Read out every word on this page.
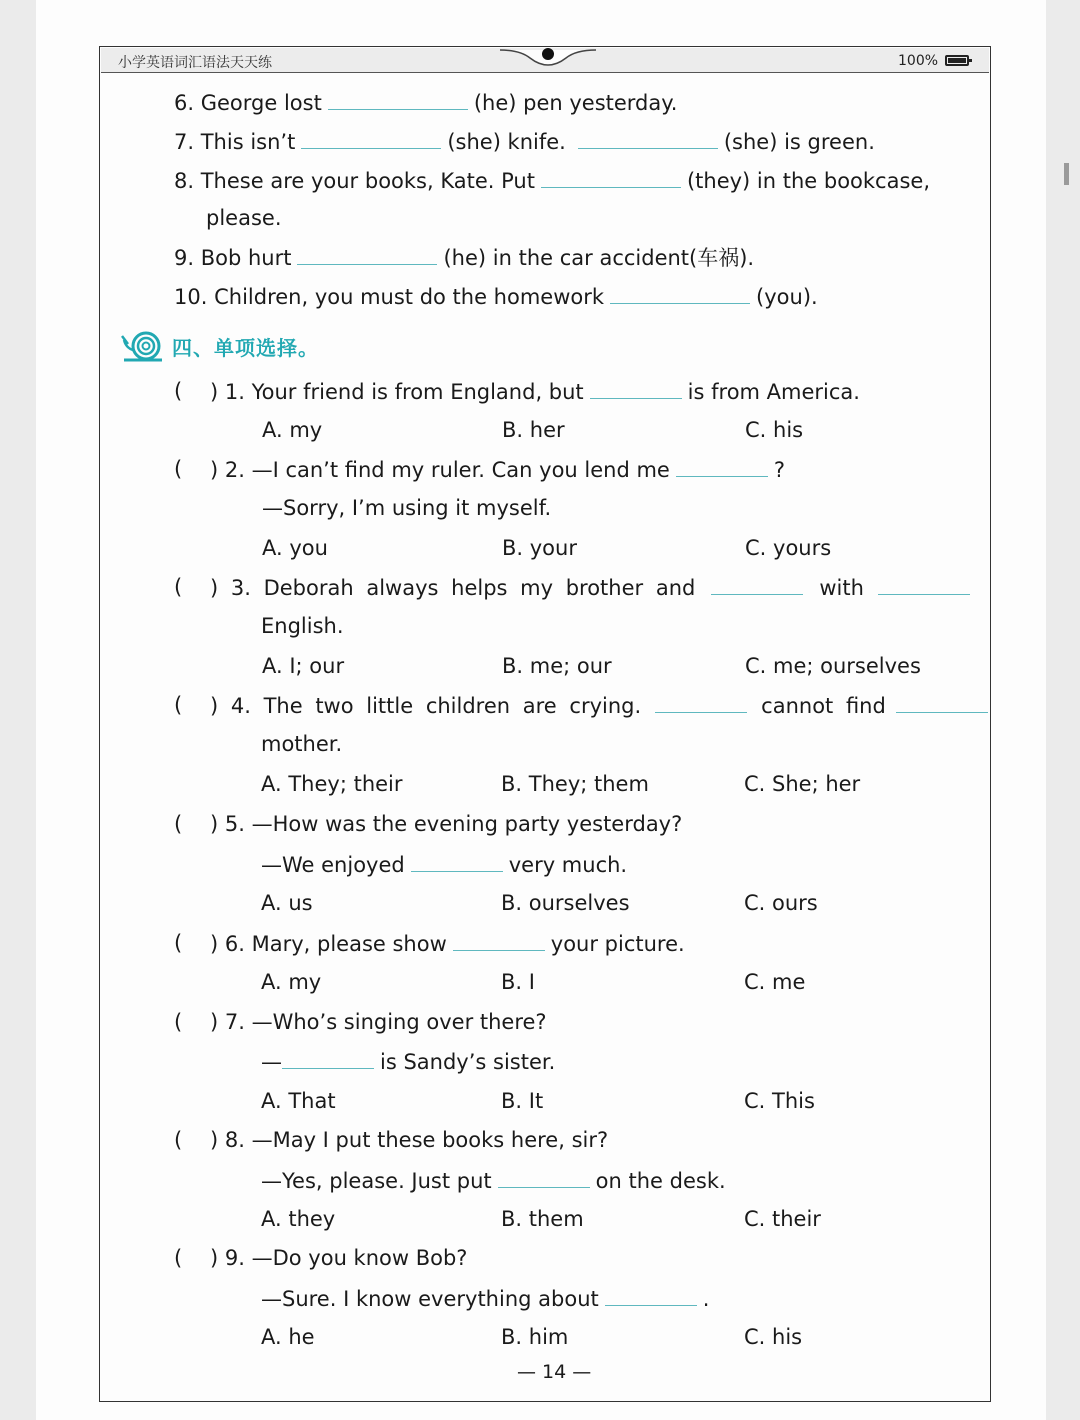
小学英语词汇语法天天练	100%
6. George lost	(he) pen yesterday.
7. This isn’t	(she) knife.	(she) is green.
8. These are your books, Kate. Put	(they) in the bookcase,
please.
9. Bob hurt	(he) in the car accident(车祸).
10. Children, you must do the homework	(you).
四、单项选择。
( ) 1. Your friend is from England, but	is from America.
A. my	B. her	C. his
( ) 2. —I can’t find my ruler. Can you lend me	?
—Sorry, I’m using it myself.
A. you	B. your	C. yours
( ) 3. Deborah always helps my brother and	with
English.
A. I; our	B. me; our	C. me; ourselves
( ) 4. The two little children are crying.	cannot find
mother.
A. They; their	B. They; them	C. She; her
( ) 5. —How was the evening party yesterday?
—We enjoyed	very much.
A. us	B. ourselves	C. ours
( ) 6. Mary, please show	your picture.
A. my	B. I	C. me
( ) 7. —Who’s singing over there?
—	is Sandy’s sister.
A. That	B. It	C. This
( ) 8. —May I put these books here, sir?
—Yes, please. Just put	on the desk.
A. they	B. them	C. their
( ) 9. —Do you know Bob?
—Sure. I know everything about	.
A. he	B. him	C. his
— 14 —
